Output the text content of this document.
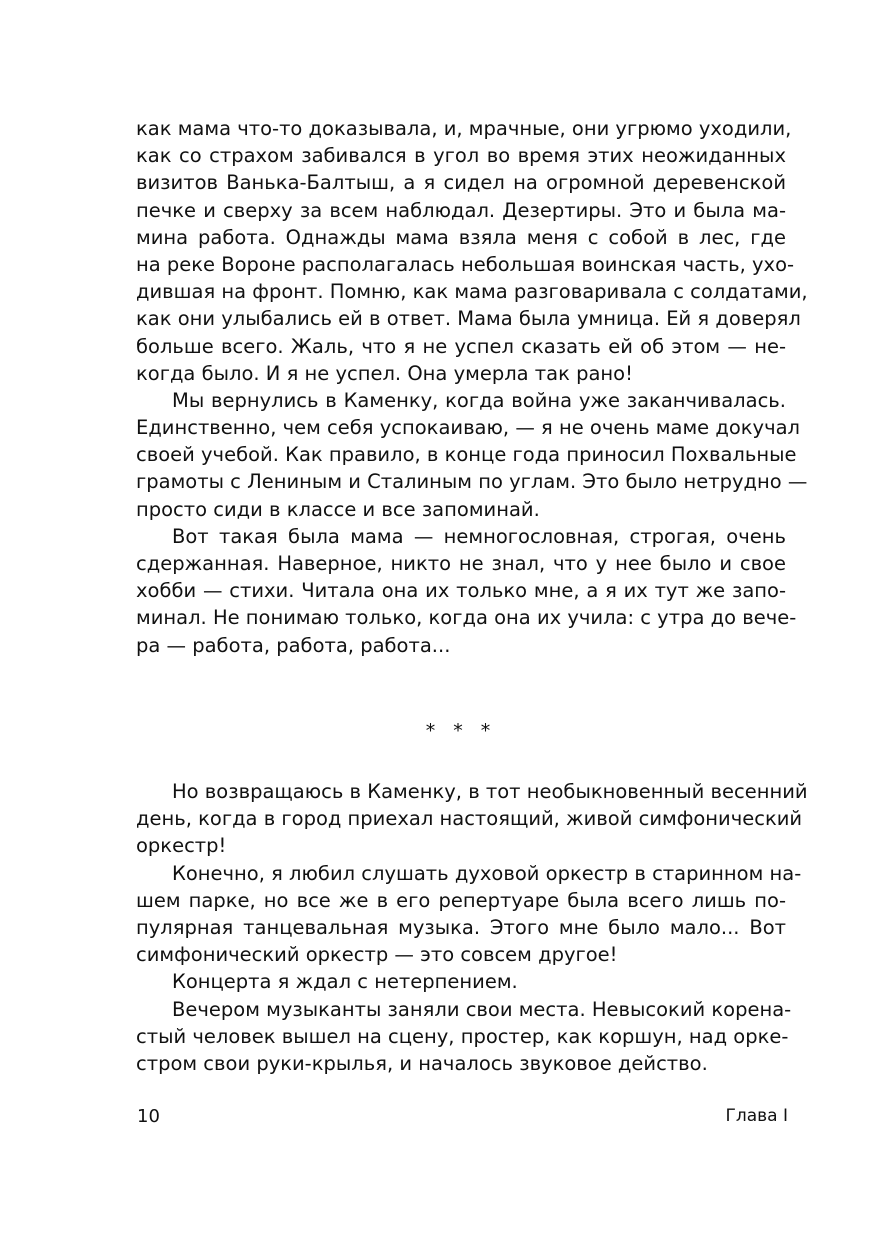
как мама что-то доказывала, и, мрачные, они угрюмо уходили,
как со страхом забивался в угол во время этих неожиданных
визитов Ванька-Балтыш, а я сидел на огромной деревенской
печке и сверху за всем наблюдал. Дезертиры. Это и была ма-
мина работа. Однажды мама взяла меня с собой в лес, где
на реке Вороне располагалась небольшая воинская часть, ухо-
дившая на фронт. Помню, как мама разговаривала с солдатами,
как они улыбались ей в ответ. Мама была умница. Ей я доверял
больше всего. Жаль, что я не успел сказать ей об этом — не-
когда было. И я не успел. Она умерла так рано!
Мы вернулись в Каменку, когда война уже заканчивалась.
Единственно, чем себя успокаиваю, — я не очень маме докучал
своей учебой. Как правило, в конце года приносил Похвальные
грамоты с Лениным и Сталиным по углам. Это было нетрудно —
просто сиди в классе и все запоминай.
Вот такая была мама — немногословная, строгая, очень
сдержанная. Наверное, никто не знал, что у нее было и свое
хобби — стихи. Читала она их только мне, а я их тут же запо-
минал. Не понимаю только, когда она их учила: с утра до вече-
ра — работа, работа, работа...
* * *
Но возвращаюсь в Каменку, в тот необыкновенный весенний
день, когда в город приехал настоящий, живой симфонический
оркестр!
Конечно, я любил слушать духовой оркестр в старинном на-
шем парке, но все же в его репертуаре была всего лишь по-
пулярная танцевальная музыка. Этого мне было мало... Вот
симфонический оркестр — это совсем другое!
Концерта я ждал с нетерпением.
Вечером музыканты заняли свои места. Невысокий корена-
стый человек вышел на сцену, простер, как коршун, над орке-
стром свои руки-крылья, и началось звуковое действо.
10	Глава I
